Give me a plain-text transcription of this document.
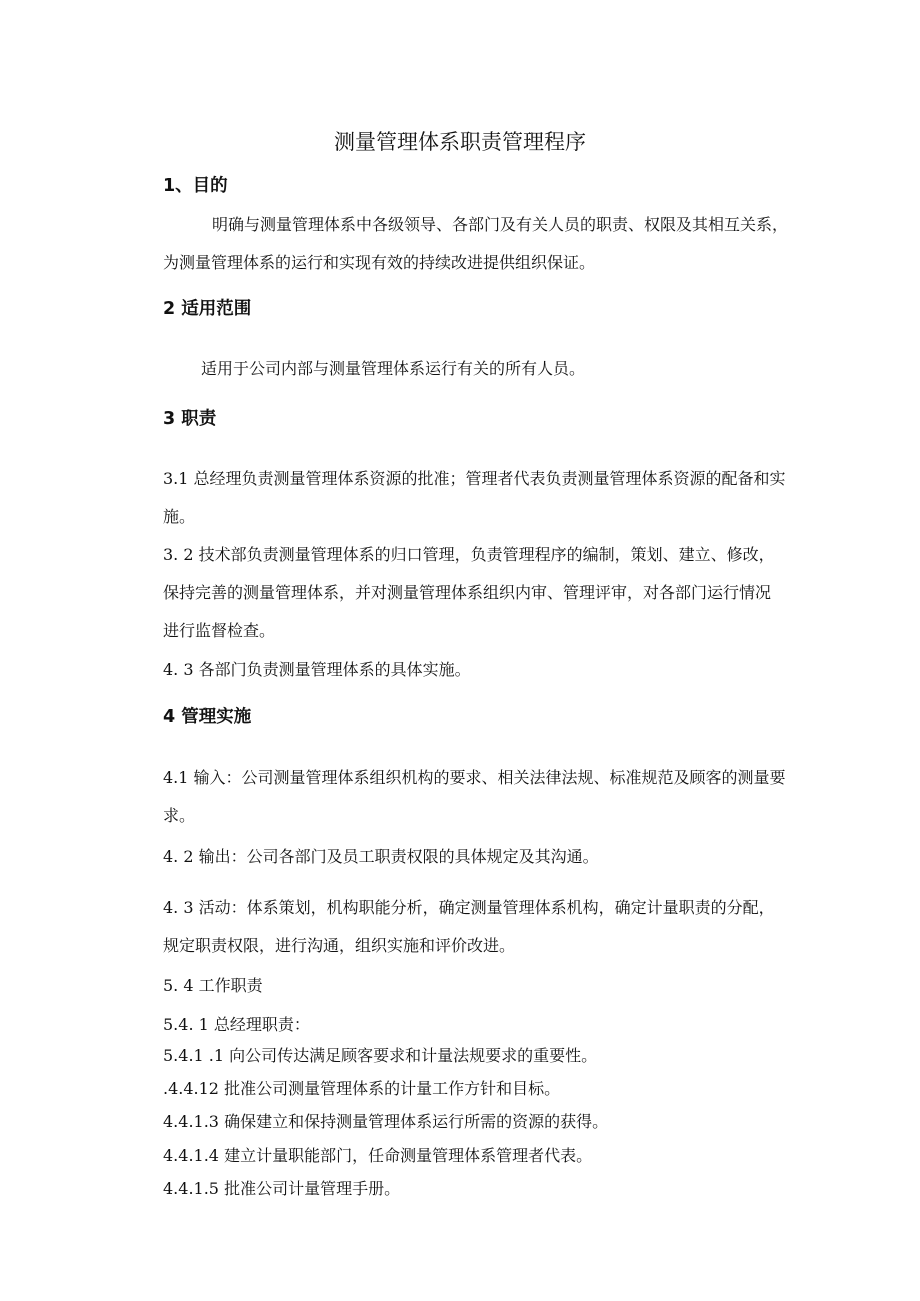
测量管理体系职责管理程序
1、目的
明确与测量管理体系中各级领导、各部门及有关人员的职责、权限及其相互关系，
为测量管理体系的运行和实现有效的持续改进提供组织保证。
2 适用范围
适用于公司内部与测量管理体系运行有关的所有人员。
3 职责
3.1 总经理负责测量管理体系资源的批准；管理者代表负责测量管理体系资源的配备和实
施。
3. 2 技术部负责测量管理体系的归口管理，负责管理程序的编制，策划、建立、修改，
保持完善的测量管理体系，并对测量管理体系组织内审、管理评审，对各部门运行情况
进行监督检查。
4. 3 各部门负责测量管理体系的具体实施。
4 管理实施
4.1 输入：公司测量管理体系组织机构的要求、相关法律法规、标准规范及顾客的测量要
求。
4. 2 输出：公司各部门及员工职责权限的具体规定及其沟通。
4. 3 活动：体系策划，机构职能分析，确定测量管理体系机构，确定计量职责的分配，
规定职责权限，进行沟通，组织实施和评价改进。
5. 4 工作职责
5.4. 1 总经理职责：
5.4.1 .1 向公司传达满足顾客要求和计量法规要求的重要性。
.4.4.12 批准公司测量管理体系的计量工作方针和目标。
4.4.1.3 确保建立和保持测量管理体系运行所需的资源的获得。
4.4.1.4 建立计量职能部门，任命测量管理体系管理者代表。
4.4.1.5 批准公司计量管理手册。
